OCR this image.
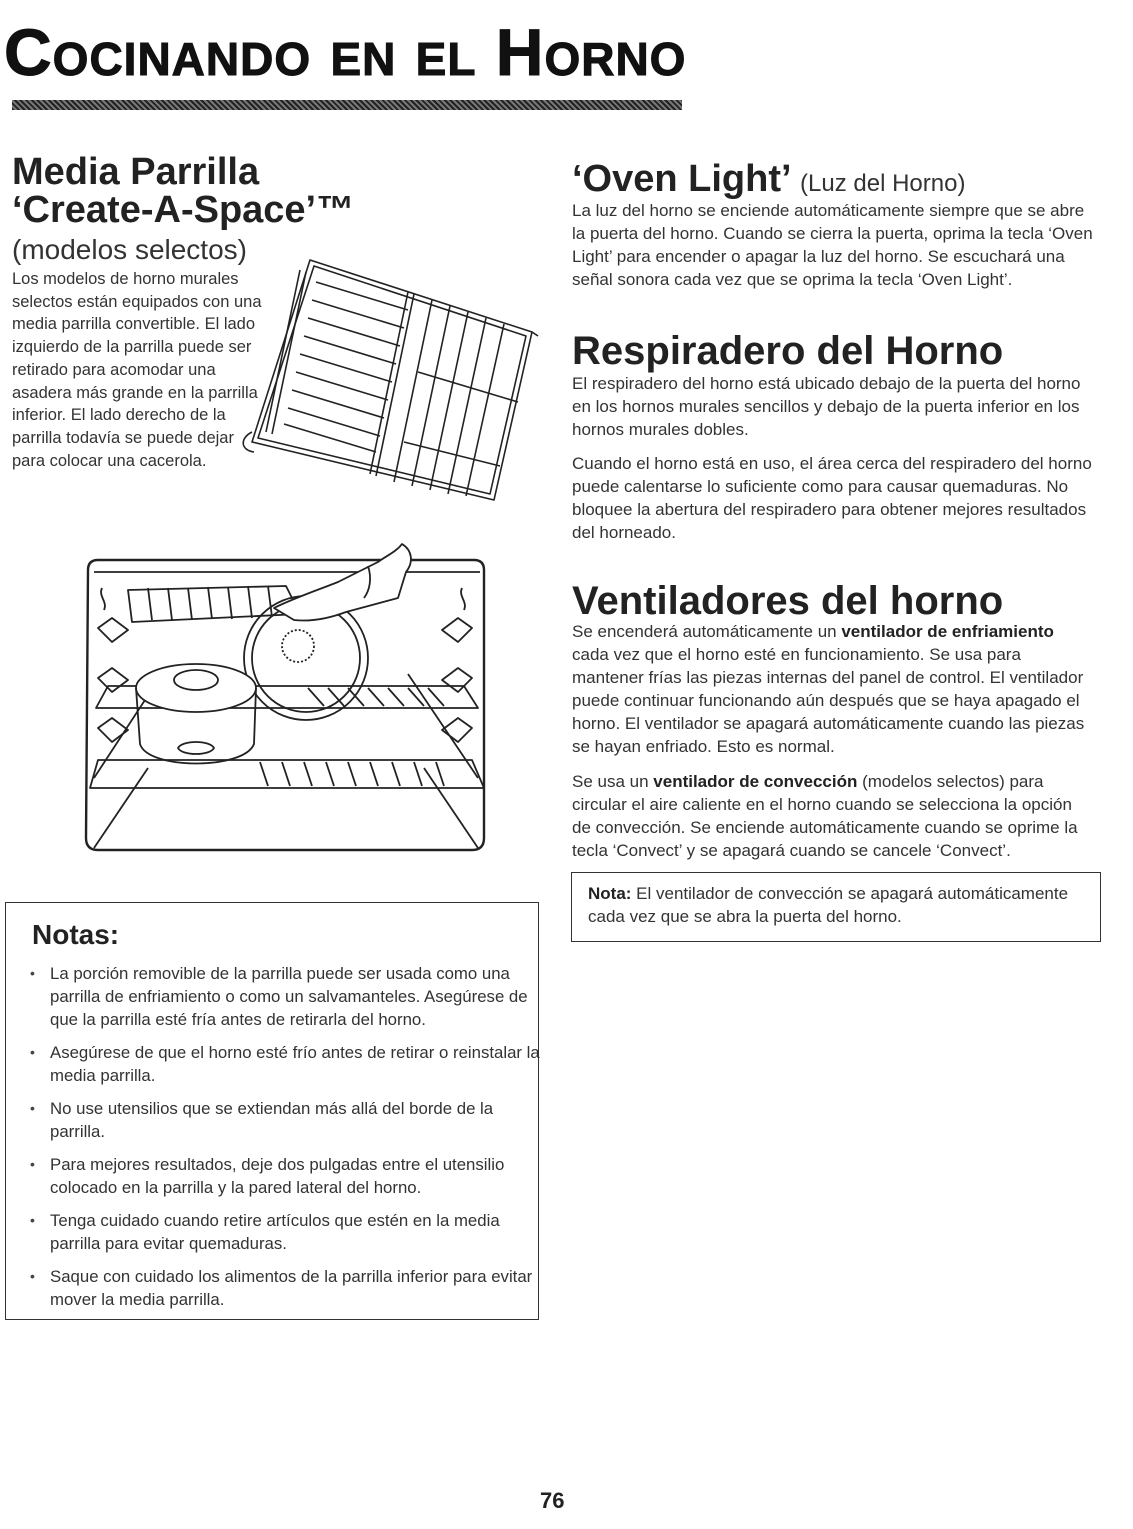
Cocinando en el Horno
Media Parrilla
‘Create-A-Space’™
(modelos selectos)

Los modelos de horno murales selectos están equipados con una media parrilla convertible. El lado izquierdo de la parrilla puede ser retirado para acomodar una asadera más grande en la parrilla inferior. El lado derecho de la parrilla todavía se puede dejar para colocar una cacerola.

Notas:
• La porción removible de la parrilla puede ser usada como una parrilla de enfriamiento o como un salvamanteles. Asegúrese de que la parrilla esté fría antes de retirarla del horno.
• Asegúrese de que el horno esté frío antes de retirar o reinstalar la media parrilla.
• No use utensilios que se extiendan más allá del borde de la parrilla.
• Para mejores resultados, deje dos pulgadas entre el utensilio colocado en la parrilla y la pared lateral del horno.
• Tenga cuidado cuando retire artículos que estén en la media parrilla para evitar quemaduras.
• Saque con cuidado los alimentos de la parrilla inferior para evitar mover la media parrilla.
‘Oven Light’ (Luz del Horno)

La luz del horno se enciende automáticamente siempre que se abre la puerta del horno. Cuando se cierra la puerta, oprima la tecla ‘Oven Light’ para encender o apagar la luz del horno. Se escuchará una señal sonora cada vez que se oprima la tecla ‘Oven Light’.

Respiradero del Horno

El respiradero del horno está ubicado debajo de la puerta del horno en los hornos murales sencillos y debajo de la puerta inferior en los hornos murales dobles.

Cuando el horno está en uso, el área cerca del respiradero del horno puede calentarse lo suficiente como para causar quemaduras. No bloquee la abertura del respiradero para obtener mejores resultados del horneado.

Ventiladores del horno

Se encenderá automáticamente un ventilador de enfriamiento cada vez que el horno esté en funcionamiento. Se usa para mantener frías las piezas internas del panel de control. El ventilador puede continuar funcionando aún después que se haya apagado el horno. El ventilador se apagará automáticamente cuando las piezas se hayan enfriado. Esto es normal.

Se usa un ventilador de convección (modelos selectos) para circular el aire caliente en el horno cuando se selecciona la opción de convección. Se enciende automáticamente cuando se oprime la tecla ‘Convect’ y se apagará cuando se cancele ‘Convect’.

Nota: El ventilador de convección se apagará automáticamente cada vez que se abra la puerta del horno.

76
